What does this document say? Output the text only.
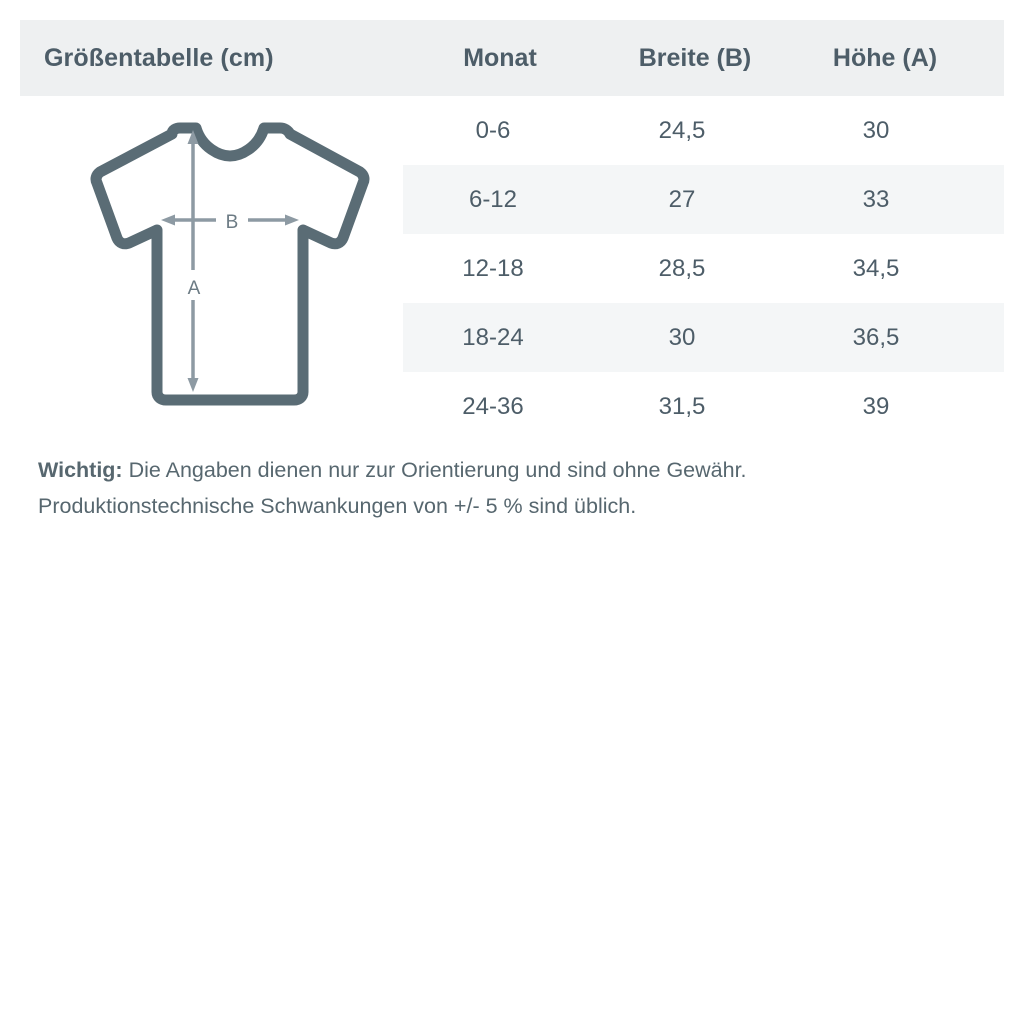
Größentabelle (cm)	Monat	Breite (B)	Höhe (A)
0-6	24,5	30
6-12	27	33
12-18	28,5	34,5
18-24	30	36,5
24-36	31,5	39
A
B
Wichtig: Die Angaben dienen nur zur Orientierung und sind ohne Gewähr.
Produktionstechnische Schwankungen von +/- 5 % sind üblich.
